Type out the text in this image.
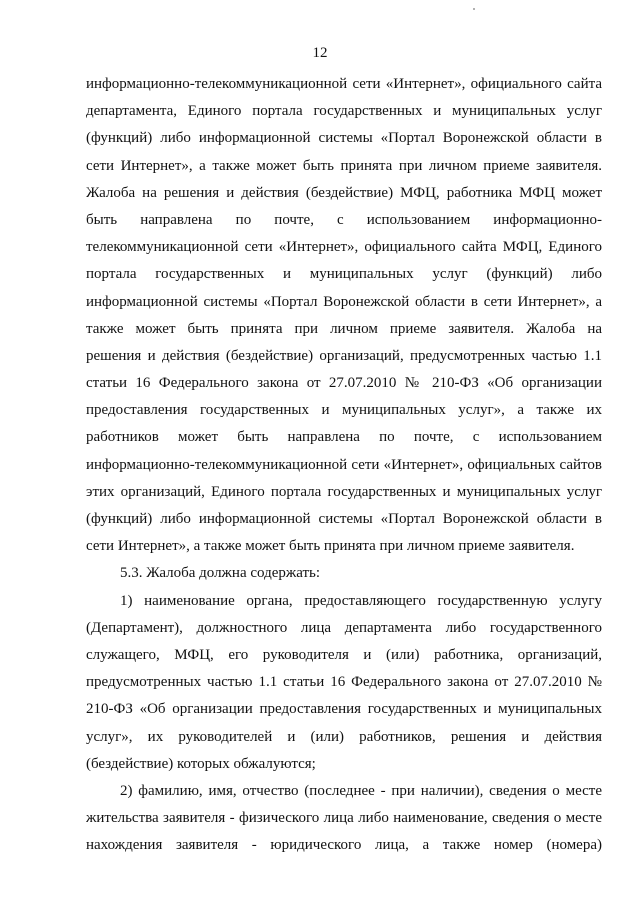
12
информационно-телекоммуникационной сети «Интернет», официального сайта
департамента, Единого портала государственных и муниципальных услуг
(функций) либо информационной системы «Портал Воронежской области в
сети Интернет», а также может быть принята при личном приеме заявителя.
Жалоба на решения и действия (бездействие) МФЦ, работника МФЦ может
быть направлена по почте, с использованием информационно-
телекоммуникационной сети «Интернет», официального сайта МФЦ, Единого
портала государственных и муниципальных услуг (функций) либо
информационной системы «Портал Воронежской области в сети Интернет», а
также может быть принята при личном приеме заявителя. Жалоба на
решения и действия (бездействие) организаций, предусмотренных частью 1.1
статьи 16 Федерального закона от 27.07.2010 № 210-ФЗ «Об организации
предоставления государственных и муниципальных услуг», а также их
работников может быть направлена по почте, с использованием
информационно-телекоммуникационной сети «Интернет», официальных сайтов
этих организаций, Единого портала государственных и муниципальных услуг
(функций) либо информационной системы «Портал Воронежской области в
сети Интернет», а также может быть принята при личном приеме заявителя.
5.3. Жалоба должна содержать:
1) наименование органа, предоставляющего государственную услугу
(Департамент), должностного лица департамента либо государственного
служащего, МФЦ, его руководителя и (или) работника, организаций,
предусмотренных частью 1.1 статьи 16 Федерального закона от 27.07.2010 №
210-ФЗ «Об организации предоставления государственных и муниципальных
услуг», их руководителей и (или) работников, решения и действия
(бездействие) которых обжалуются;
2) фамилию, имя, отчество (последнее - при наличии), сведения о месте
жительства заявителя - физического лица либо наименование, сведения о месте
нахождения заявителя - юридического лица, а также номер (номера)
